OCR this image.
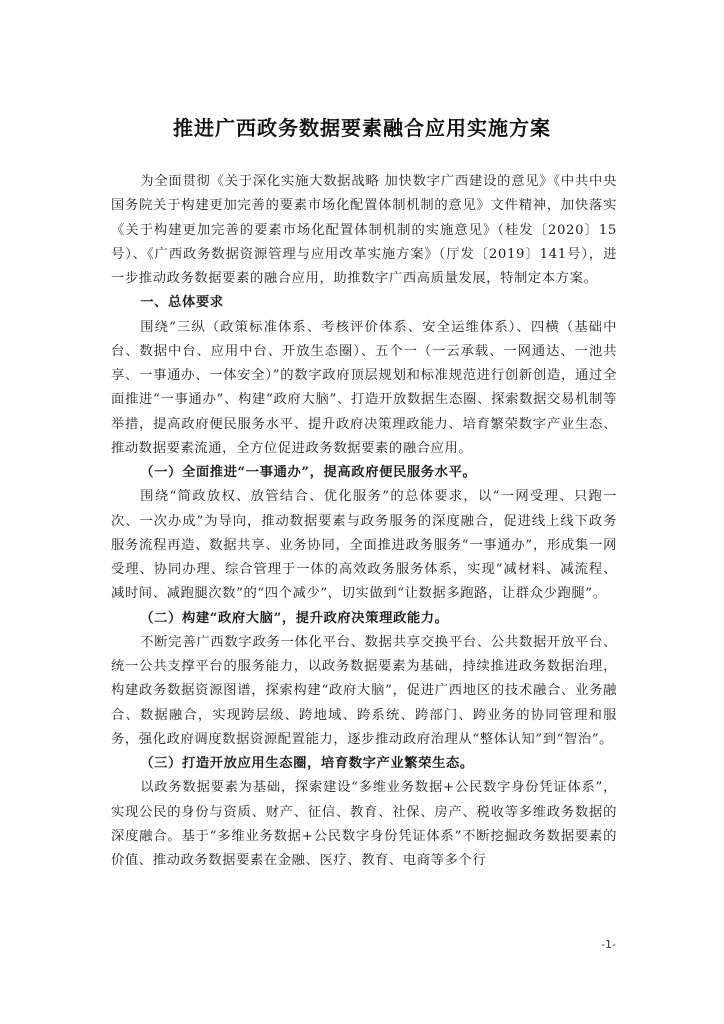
推进广西政务数据要素融合应用实施方案

为全面贯彻《关于深化实施大数据战略 加快数字广西建设的意见》《中共中央 国务院关于构建更加完善的要素市场化配置体制机制的意见》文件精神，加快落实《关于构建更加完善的要素市场化配置体制机制的实施意见》（桂发〔2020〕15号）、《广西政务数据资源管理与应用改革实施方案》（厅发〔2019〕141号），进一步推动政务数据要素的融合应用，助推数字广西高质量发展，特制定本方案。

一、总体要求

围绕“三纵（政策标准体系、考核评价体系、安全运维体系）、四横（基础中台、数据中台、应用中台、开放生态圈）、五个一（一云承载、一网通达、一池共享、一事通办、一体安全）”的数字政府顶层规划和标准规范进行创新创造，通过全面推进“一事通办”、构建“政府大脑”、打造开放数据生态圈、探索数据交易机制等举措，提高政府便民服务水平、提升政府决策理政能力、培育繁荣数字产业生态、推动数据要素流通，全方位促进政务数据要素的融合应用。

（一）全面推进“一事通办”，提高政府便民服务水平。

围绕“简政放权、放管结合、优化服务”的总体要求，以“一网受理、只跑一次、一次办成”为导向，推动数据要素与政务服务的深度融合，促进线上线下政务服务流程再造、数据共享、业务协同，全面推进政务服务“一事通办”，形成集一网受理、协同办理、综合管理于一体的高效政务服务体系，实现“减材料、减流程、减时间、减跑腿次数”的“四个减少”，切实做到“让数据多跑路，让群众少跑腿”。

（二）构建“政府大脑”，提升政府决策理政能力。

不断完善广西数字政务一体化平台、数据共享交换平台、公共数据开放平台、统一公共支撑平台的服务能力，以政务数据要素为基础，持续推进政务数据治理，构建政务数据资源图谱，探索构建“政府大脑”，促进广西地区的技术融合、业务融合、数据融合，实现跨层级、跨地域、跨系统、跨部门、跨业务的协同管理和服务，强化政府调度数据资源配置能力，逐步推动政府治理从“整体认知”到“智治”。

（三）打造开放应用生态圈，培育数字产业繁荣生态。

以政务数据要素为基础，探索建设“多维业务数据+公民数字身份凭证体系”，实现公民的身份与资质、财产、征信、教育、社保、房产、税收等多维政务数据的深度融合。基于“多维业务数据+公民数字身份凭证体系”不断挖掘政务数据要素的价值、推动政务数据要素在金融、医疗、教育、电商等多个行

-1-
